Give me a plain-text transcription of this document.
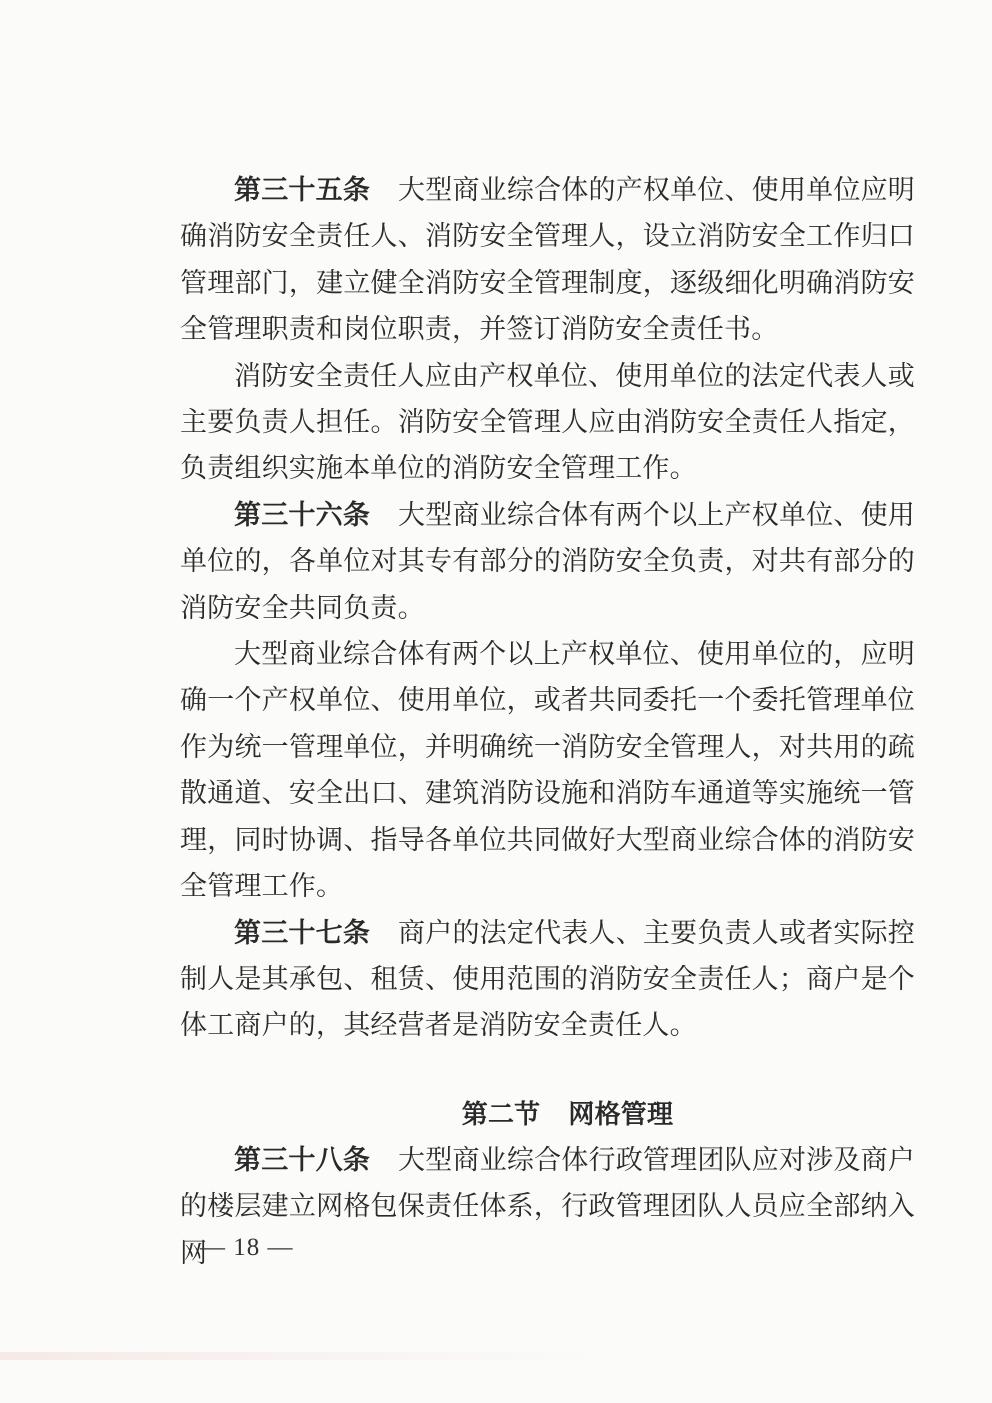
第三十五条 大型商业综合体的产权单位、使用单位应明确消防安全责任人、消防安全管理人，设立消防安全工作归口管理部门，建立健全消防安全管理制度，逐级细化明确消防安全管理职责和岗位职责，并签订消防安全责任书。

消防安全责任人应由产权单位、使用单位的法定代表人或主要负责人担任。消防安全管理人应由消防安全责任人指定，负责组织实施本单位的消防安全管理工作。

第三十六条 大型商业综合体有两个以上产权单位、使用单位的，各单位对其专有部分的消防安全负责，对共有部分的消防安全共同负责。

大型商业综合体有两个以上产权单位、使用单位的，应明确一个产权单位、使用单位，或者共同委托一个委托管理单位作为统一管理单位，并明确统一消防安全管理人，对共用的疏散通道、安全出口、建筑消防设施和消防车通道等实施统一管理，同时协调、指导各单位共同做好大型商业综合体的消防安全管理工作。

第三十七条 商户的法定代表人、主要负责人或者实际控制人是其承包、租赁、使用范围的消防安全责任人；商户是个体工商户的，其经营者是消防安全责任人。

第二节 网格管理

第三十八条 大型商业综合体行政管理团队应对涉及商户的楼层建立网格包保责任体系，行政管理团队人员应全部纳入网

— 18 —
